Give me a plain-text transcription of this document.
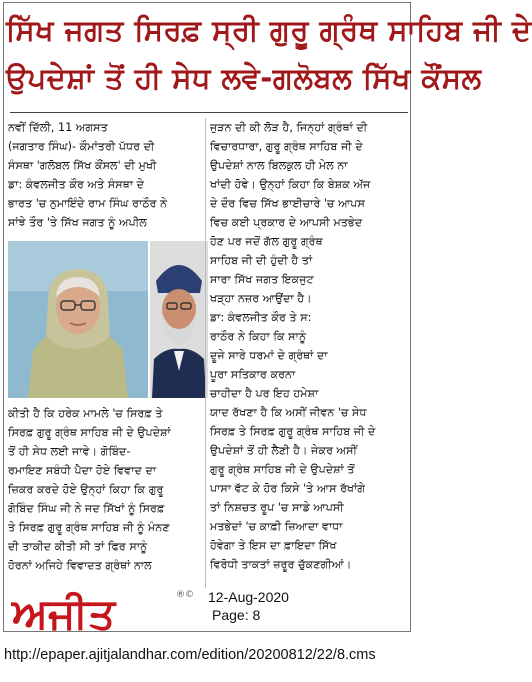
ਸਿੱਖ ਜਗਤ ਸਿਰਫ਼ ਸ੍ਰੀ ਗੁਰੂ ਗ੍ਰੰਥ ਸਾਹਿਬ ਜੀ ਦੇ
ਉਪਦੇਸ਼ਾਂ ਤੋਂ ਹੀ ਸੇਧ ਲਵੇ-ਗਲੋਬਲ ਸਿੱਖ ਕੌਂਸਲ
ਨਵੀਂ ਦਿੱਲੀ, 11 ਅਗਸਤ
(ਜਗਤਾਰ ਸਿੰਘ)- ਕੌਮਾਂਤਰੀ ਪੱਧਰ ਦੀ
ਸੰਸਥਾ 'ਗਲੋਬਲ ਸਿੱਖ ਕੌਂਸਲ' ਦੀ ਮੁਖੀ
ਡਾ: ਕੰਵਲਜੀਤ ਕੌਰ ਅਤੇ ਸੰਸਥਾ ਦੇ
ਭਾਰਤ 'ਚ ਨੁਮਾਇੰਦੇ ਰਾਮ ਸਿੰਘ ਰਾਠੌਰ ਨੇ
ਸਾਂਝੇ ਤੌਰ 'ਤੇ ਸਿੱਖ ਜਗਤ ਨੂੰ ਅਪੀਲ
ਕੀਤੀ ਹੈ ਕਿ ਹਰੇਕ ਮਾਮਲੇ 'ਚ ਸਿਰਫ਼ ਤੇ
ਸਿਰਫ਼ ਗੁਰੂ ਗ੍ਰੰਥ ਸਾਹਿਬ ਜੀ ਦੇ ਉਪਦੇਸ਼ਾਂ
ਤੋਂ ਹੀ ਸੇਧ ਲਈ ਜਾਵੇ। ਗੋਬਿੰਦ-
ਰਮਾਇਣ ਸਬੰਧੀ ਪੈਦਾ ਹੋਏ ਵਿਵਾਦ ਦਾ
ਜ਼ਿਕਰ ਕਰਦੇ ਹੋਏ ਉਨ੍ਹਾਂ ਕਿਹਾ ਕਿ ਗੁਰੂ
ਗੋਬਿੰਦ ਸਿੰਘ ਜੀ ਨੇ ਜਦ ਸਿੱਖਾਂ ਨੂੰ ਸਿਰਫ਼
ਤੇ ਸਿਰਫ਼ ਗੁਰੂ ਗ੍ਰੰਥ ਸਾਹਿਬ ਜੀ ਨੂੰ ਮੰਨਣ
ਦੀ ਤਾਕੀਦ ਕੀਤੀ ਸੀ ਤਾਂ ਫਿਰ ਸਾਨੂੰ
ਹੋਰਨਾਂ ਅਜਿਹੇ ਵਿਵਾਦਤ ਗ੍ਰੰਥਾਂ ਨਾਲ
ਜੁੜਨ ਦੀ ਕੀ ਲੋੜ ਹੈ, ਜਿਨ੍ਹਾਂ ਗ੍ਰੰਥਾਂ ਦੀ
ਵਿਚਾਰਧਾਰਾ, ਗੁਰੂ ਗ੍ਰੰਥ ਸਾਹਿਬ ਜੀ ਦੇ
ਉਪਦੇਸ਼ਾਂ ਨਾਲ ਬਿਲਕੁਲ ਹੀ ਮੇਲ ਨਾ
ਖਾਂਦੀ ਹੋਵੇ। ਉਨ੍ਹਾਂ ਕਿਹਾ ਕਿ ਬੇਸ਼ਕ ਅੱਜ
ਦੇ ਦੌਰ ਵਿਚ ਸਿੱਖ ਭਾਈਚਾਰੇ 'ਚ ਆਪਸ
ਵਿਚ ਕਈ ਪ੍ਰਕਾਰ ਦੇ ਆਪਸੀ ਮਤਭੇਦ
ਹੋਣ ਪਰ ਜਦੋਂ ਗੱਲ ਗੁਰੂ ਗ੍ਰੰਥ
ਸਾਹਿਬ ਜੀ ਦੀ ਹੁੰਦੀ ਹੈ ਤਾਂ
ਸਾਰਾ ਸਿੱਖ ਜਗਤ ਇਕਜੁਟ
ਖੜ੍ਹਾ ਨਜ਼ਰ ਆਉਂਦਾ ਹੈ।
ਡਾ: ਕੰਵਲਜੀਤ ਕੌਰ ਤੇ ਸ:
ਰਾਠੌਰ ਨੇ ਕਿਹਾ ਕਿ ਸਾਨੂੰ
ਦੂਜੇ ਸਾਰੇ ਧਰਮਾਂ ਦੇ ਗ੍ਰੰਥਾਂ ਦਾ
ਪੂਰਾ ਸਤਿਕਾਰ ਕਰਨਾ
ਚਾਹੀਦਾ ਹੈ ਪਰ ਇਹ ਹਮੇਸ਼ਾ
ਯਾਦ ਰੱਖਣਾ ਹੈ ਕਿ ਅਸੀਂ ਜੀਵਨ 'ਚ ਸੇਧ
ਸਿਰਫ਼ ਤੇ ਸਿਰਫ਼ ਗੁਰੂ ਗ੍ਰੰਥ ਸਾਹਿਬ ਜੀ ਦੇ
ਉਪਦੇਸ਼ਾਂ ਤੋਂ ਹੀ ਲੈਣੀ ਹੈ। ਜੇਕਰ ਅਸੀਂ
ਗੁਰੂ ਗ੍ਰੰਥ ਸਾਹਿਬ ਜੀ ਦੇ ਉਪਦੇਸ਼ਾਂ ਤੋਂ
ਪਾਸਾ ਵੱਟ ਕੇ ਹੋਰ ਕਿਸੇ 'ਤੇ ਆਸ ਰੱਖਾਂਗੇ
ਤਾਂ ਨਿਸ਼ਚਤ ਰੂਪ 'ਚ ਸਾਡੇ ਆਪਸੀ
ਮਤਭੇਦਾਂ 'ਚ ਕਾਫ਼ੀ ਜ਼ਿਆਦਾ ਵਾਧਾ
ਹੋਵੇਗਾ ਤੇ ਇਸ ਦਾ ਫ਼ਾਇਦਾ ਸਿੱਖ
ਵਿਰੋਧੀ ਤਾਕਤਾਂ ਜ਼ਰੂਰ ਚੁੱਕਣਗੀਆਂ।
ਅਜੀਤ	®© 12-Aug-2020
Page: 8
http://epaper.ajitjalandhar.com/edition/20200812/22/8.cms
